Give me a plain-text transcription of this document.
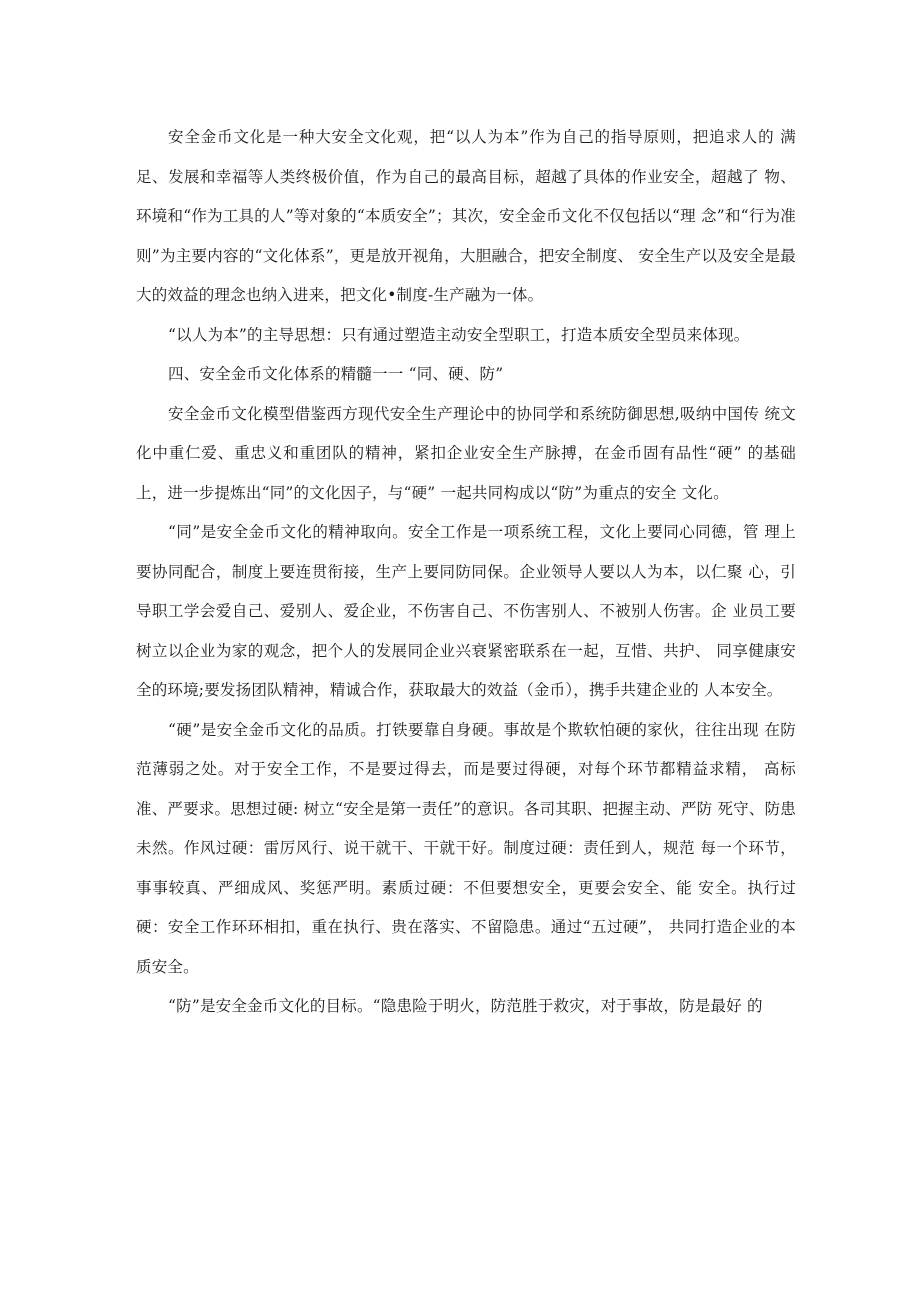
安全金币文化是一种大安全文化观，把“以人为本”作为自己的指导原则，把追求人的 满足、发展和幸福等人类终极价值，作为自己的最高目标，超越了具体的作业安全，超越了 物、环境和“作为工具的人”等对象的“本质安全”；其次，安全金币文化不仅包括以“理 念”和“行为准则”为主要内容的“文化体系”，更是放开视角，大胆融合，把安全制度、 安全生产以及安全是最大的效益的理念也纳入进来，把文化•制度-生产融为一体。

“以人为本”的主导思想：只有通过塑造主动安全型职工，打造本质安全型员来体现。

四、安全金币文化体系的精髓一一 “同、硬、防”

安全金币文化模型借鉴西方现代安全生产理论中的协同学和系统防御思想,吸纳中国传 统文化中重仁爱、重忠义和重团队的精神，紧扣企业安全生产脉搏，在金币固有品性“硬” 的基础上，进一步提炼出“同”的文化因子，与“硬” 一起共同构成以“防”为重点的安全 文化。

“同”是安全金币文化的精神取向。安全工作是一项系统工程，文化上要同心同德，管 理上要协同配合，制度上要连贯衔接，生产上要同防同保。企业领导人要以人为本，以仁聚 心，引导职工学会爱自己、爱别人、爱企业，不伤害自己、不伤害别人、不被别人伤害。企 业员工要树立以企业为家的观念，把个人的发展同企业兴衰紧密联系在一起，互惜、共护、 同享健康安全的环境;要发扬团队精神，精诚合作，获取最大的效益（金币），携手共建企业的 人本安全。

“硬”是安全金币文化的品质。打铁要靠自身硬。事故是个欺软怕硬的家伙，往往出现 在防范薄弱之处。对于安全工作，不是要过得去，而是要过得硬，对每个环节都精益求精， 高标准、严要求。思想过硬: 树立“安全是第一责任”的意识。各司其职、把握主动、严防 死守、防患未然。作风过硬：雷厉风行、说干就干、干就干好。制度过硬：责任到人，规范 每一个环节，事事较真、严细成风、奖惩严明。素质过硬：不但要想安全，更要会安全、能 安全。执行过硬：安全工作环环相扣，重在执行、贵在落实、不留隐患。通过“五过硬”， 共同打造企业的本质安全。

“防”是安全金币文化的目标。“隐患险于明火，防范胜于救灾，对于事故，防是最好 的
